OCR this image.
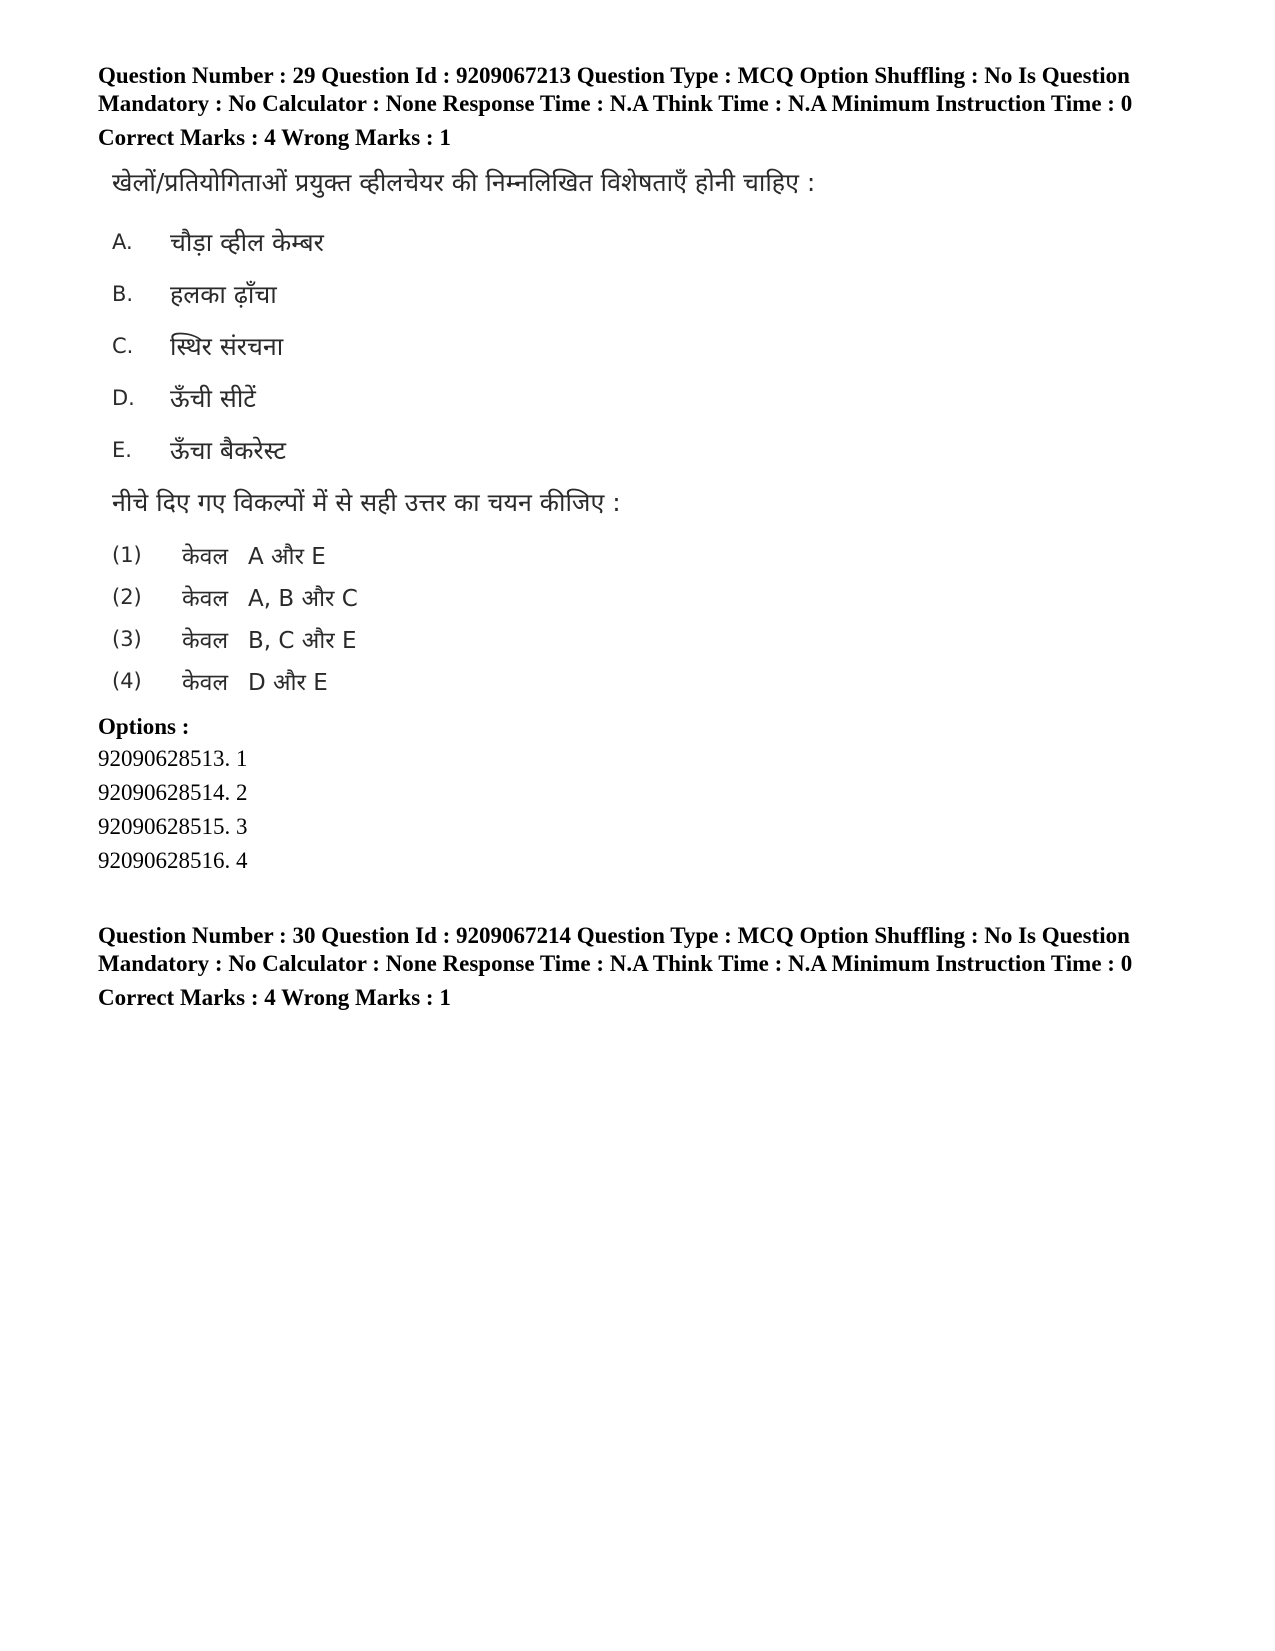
Question Number : 29 Question Id : 9209067213 Question Type : MCQ Option Shuffling : No Is Question Mandatory : No Calculator : None Response Time : N.A Think Time : N.A Minimum Instruction Time : 0

Correct Marks : 4 Wrong Marks : 1
खेलों/प्रतियोगिताओं प्रयुक्त व्हीलचेयर की निम्नलिखित विशेषताएँ होनी चाहिए :
A.	चौड़ा व्हील केम्बर
B.	हलका ढ़ाँचा
C.	स्थिर संरचना
D.	ऊँची सीटें
E.	ऊँचा बैकरेस्ट
नीचे दिए गए विकल्पों में से सही उत्तर का चयन कीजिए :
(1)	केवल A और E
(2)	केवल A, B और C
(3)	केवल B, C और E
(4)	केवल D और E
Options :
92090628513. 1
92090628514. 2
92090628515. 3
92090628516. 4

Question Number : 30 Question Id : 9209067214 Question Type : MCQ Option Shuffling : No Is Question Mandatory : No Calculator : None Response Time : N.A Think Time : N.A Minimum Instruction Time : 0

Correct Marks : 4 Wrong Marks : 1
